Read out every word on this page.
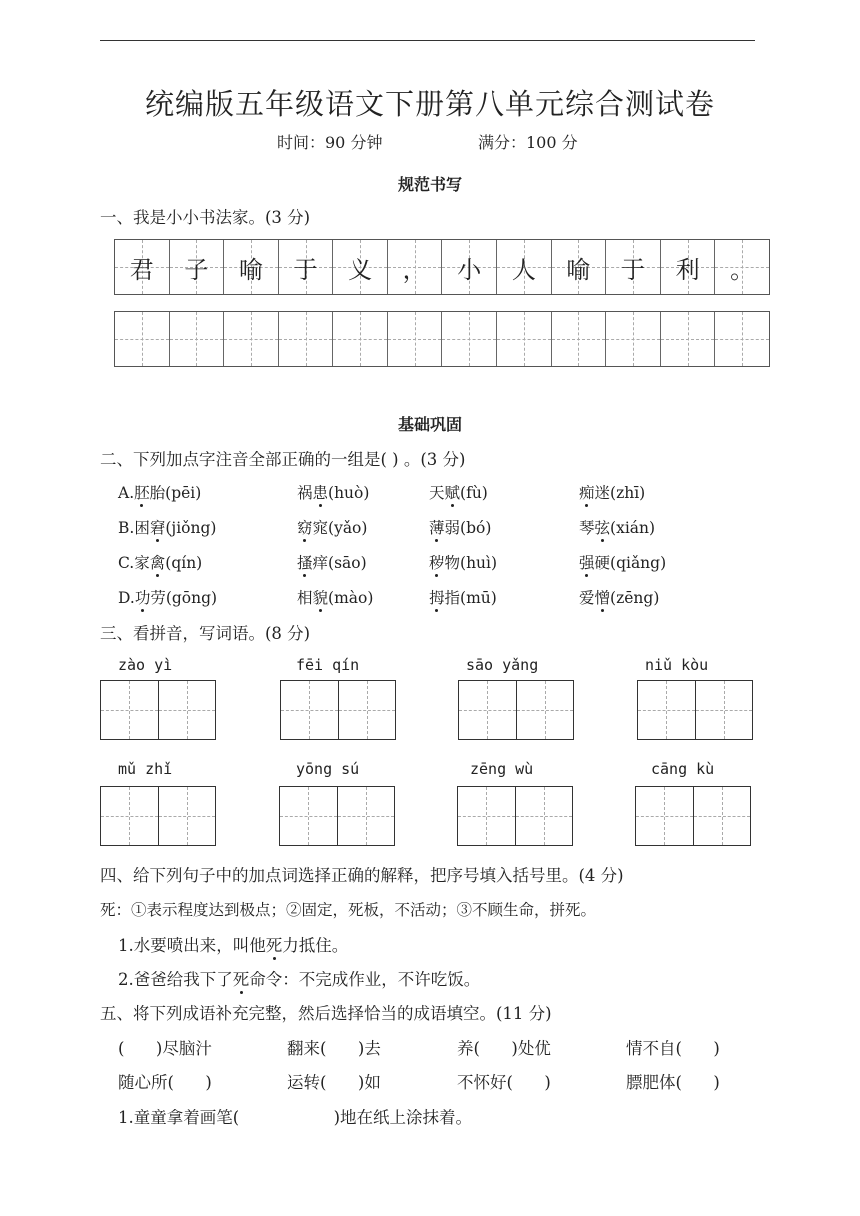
统编版五年级语文下册第八单元综合测试卷
时间：90 分钟	满分：100 分
规范书写
一、我是小小书法家。(3 分)
君 子 喻 于 义 ， 小 人 喻 于 利 。
基础巩固
二、下列加点字注音全部正确的一组是( ) 。(3 分)
A.胚胎(pēi)	祸患(huò)	天赋(fù)	痴迷(zhī)
B.困窘(jiǒng)	窈窕(yǎo)	薄弱(bó)	琴弦(xián)
C.家禽(qín)	搔痒(sāo)	秽物(huì)	强硬(qiǎng)
D.功劳(gōng)	相貌(mào)	拇指(mū)	爱憎(zēng)
三、看拼音，写词语。(8 分)
zào yì	fēi qín	sāo yǎng	niǔ kòu
mǔ zhǐ	yōng sú	zēng wù	cāng kù
四、给下列句子中的加点词选择正确的解释，把序号填入括号里。(4 分)
死：①表示程度达到极点；②固定，死板，不活动；③不顾生命，拼死。
1.水要喷出来，叫他死力抵住。
2.爸爸给我下了死命令：不完成作业，不许吃饭。
五、将下列成语补充完整，然后选择恰当的成语填空。(11 分)
(      )尽脑汁	翻来(      )去	养(      )处优	情不自(      )
随心所(      )	运转(      )如	不怀好(      )	膘肥体(      )
1.童童拿着画笔(                  )地在纸上涂抹着。
